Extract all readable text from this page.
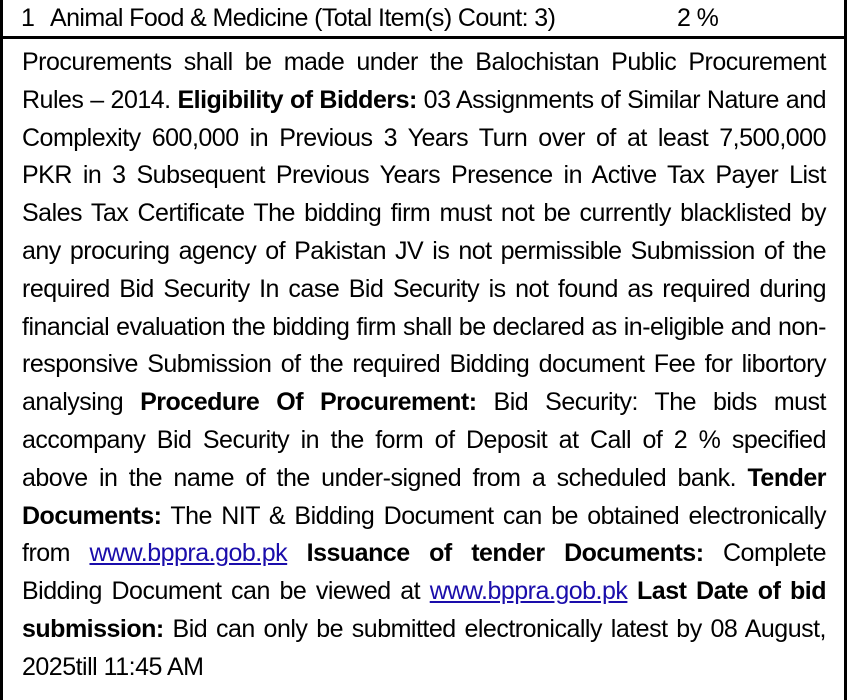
1 Animal Food & Medicine (Total Item(s) Count: 3)	2 %
Procurements shall be made under the Balochistan Public Procurement Rules – 2014. Eligibility of Bidders: 03 Assignments of Similar Nature and Complexity 600,000 in Previous 3 Years Turn over of at least 7,500,000 PKR in 3 Subsequent Previous Years Presence in Active Tax Payer List Sales Tax Certificate The bidding firm must not be currently blacklisted by any procuring agency of Pakistan JV is not permissible Submission of the required Bid Security In case Bid Security is not found as required during financial evaluation the bidding firm shall be declared as in-eligible and non-responsive Submission of the required Bidding document Fee for libortory analysing Procedure Of Procurement: Bid Security: The bids must accompany Bid Security in the form of Deposit at Call of 2 % specified above in the name of the under-signed from a scheduled bank. Tender Documents: The NIT & Bidding Document can be obtained electronically from www.bppra.gob.pk Issuance of tender Documents: Complete Bidding Document can be viewed at www.bppra.gob.pk Last Date of bid submission: Bid can only be submitted electronically latest by 08 August, 2025till 11:45 AM
